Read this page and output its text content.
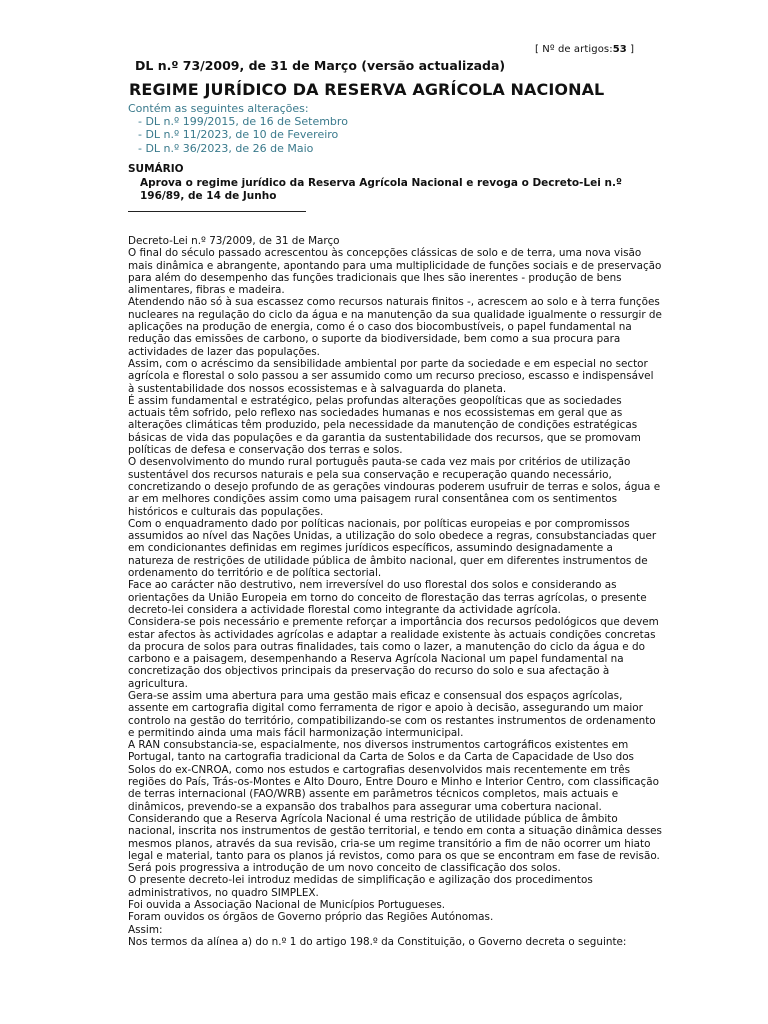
[ Nº de artigos:53 ]
DL n.º 73/2009, de 31 de Março (versão actualizada)
REGIME JURÍDICO DA RESERVA AGRÍCOLA NACIONAL
Contém as seguintes alterações:
- DL n.º 199/2015, de 16 de Setembro
- DL n.º 11/2023, de 10 de Fevereiro
- DL n.º 36/2023, de 26 de Maio
SUMÁRIO
Aprova o regime jurídico da Reserva Agrícola Nacional e revoga o Decreto-Lei n.º 196/89, de 14 de Junho

Decreto-Lei n.º 73/2009, de 31 de Março

O final do século passado acrescentou às concepções clássicas de solo e de terra, uma nova visão mais dinâmica e abrangente, apontando para uma multiplicidade de funções sociais e de preservação para além do desempenho das funções tradicionais que lhes são inerentes - produção de bens alimentares, fibras e madeira.

Atendendo não só à sua escassez como recursos naturais finitos -, acrescem ao solo e à terra funções nucleares na regulação do ciclo da água e na manutenção da sua qualidade igualmente o ressurgir de aplicações na produção de energia, como é o caso dos biocombustíveis, o papel fundamental na redução das emissões de carbono, o suporte da biodiversidade, bem como a sua procura para actividades de lazer das populações.

Assim, com o acréscimo da sensibilidade ambiental por parte da sociedade e em especial no sector agrícola e florestal o solo passou a ser assumido como um recurso precioso, escasso e indispensável à sustentabilidade dos nossos ecossistemas e à salvaguarda do planeta.

É assim fundamental e estratégico, pelas profundas alterações geopolíticas que as sociedades actuais têm sofrido, pelo reflexo nas sociedades humanas e nos ecossistemas em geral que as alterações climáticas têm produzido, pela necessidade da manutenção de condições estratégicas básicas de vida das populações e da garantia da sustentabilidade dos recursos, que se promovam políticas de defesa e conservação dos terras e solos.

O desenvolvimento do mundo rural português pauta-se cada vez mais por critérios de utilização sustentável dos recursos naturais e pela sua conservação e recuperação quando necessário, concretizando o desejo profundo de as gerações vindouras poderem usufruir de terras e solos, água e ar em melhores condições assim como uma paisagem rural consentânea com os sentimentos históricos e culturais das populações.

Com o enquadramento dado por políticas nacionais, por políticas europeias e por compromissos assumidos ao nível das Nações Unidas, a utilização do solo obedece a regras, consubstanciadas quer em condicionantes definidas em regimes jurídicos específicos, assumindo designadamente a natureza de restrições de utilidade pública de âmbito nacional, quer em diferentes instrumentos de ordenamento do território e de política sectorial.

Face ao carácter não destrutivo, nem irreversível do uso florestal dos solos e considerando as orientações da União Europeia em torno do conceito de florestação das terras agrícolas, o presente decreto-lei considera a actividade florestal como integrante da actividade agrícola.

Considera-se pois necessário e premente reforçar a importância dos recursos pedológicos que devem estar afectos às actividades agrícolas e adaptar a realidade existente às actuais condições concretas da procura de solos para outras finalidades, tais como o lazer, a manutenção do ciclo da água e do carbono e a paisagem, desempenhando a Reserva Agrícola Nacional um papel fundamental na concretização dos objectivos principais da preservação do recurso do solo e sua afectação à agricultura.

Gera-se assim uma abertura para uma gestão mais eficaz e consensual dos espaços agrícolas, assente em cartografia digital como ferramenta de rigor e apoio à decisão, assegurando um maior controlo na gestão do território, compatibilizando-se com os restantes instrumentos de ordenamento e permitindo ainda uma mais fácil harmonização intermunicipal.

A RAN consubstancia-se, espacialmente, nos diversos instrumentos cartográficos existentes em Portugal, tanto na cartografia tradicional da Carta de Solos e da Carta de Capacidade de Uso dos Solos do ex-CNROA, como nos estudos e cartografias desenvolvidos mais recentemente em três regiões do País, Trás-os-Montes e Alto Douro, Entre Douro e Minho e Interior Centro, com classificação de terras internacional (FAO/WRB) assente em parâmetros técnicos completos, mais actuais e dinâmicos, prevendo-se a expansão dos trabalhos para assegurar uma cobertura nacional.

Considerando que a Reserva Agrícola Nacional é uma restrição de utilidade pública de âmbito nacional, inscrita nos instrumentos de gestão territorial, e tendo em conta a situação dinâmica desses mesmos planos, através da sua revisão, cria-se um regime transitório a fim de não ocorrer um hiato legal e material, tanto para os planos já revistos, como para os que se encontram em fase de revisão. Será pois progressiva a introdução de um novo conceito de classificação dos solos.

O presente decreto-lei introduz medidas de simplificação e agilização dos procedimentos administrativos, no quadro SIMPLEX.

Foi ouvida a Associação Nacional de Municípios Portugueses.

Foram ouvidos os órgãos de Governo próprio das Regiões Autónomas.

Assim:

Nos termos da alínea a) do n.º 1 do artigo 198.º da Constituição, o Governo decreta o seguinte:
